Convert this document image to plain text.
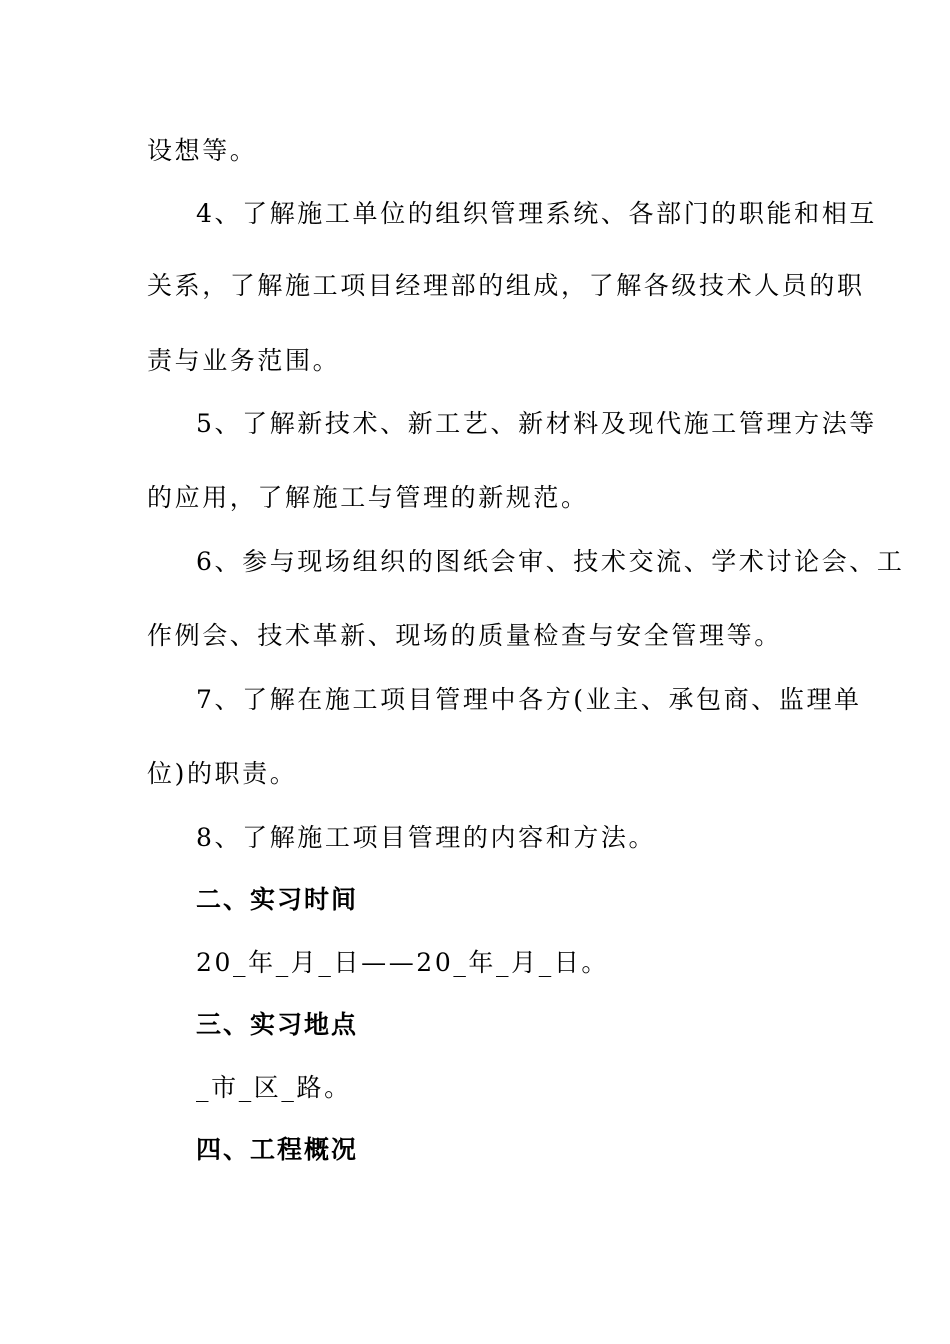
设想等。
4、了解施工单位的组织管理系统、各部门的职能和相互
关系，了解施工项目经理部的组成，了解各级技术人员的职
责与业务范围。
5、了解新技术、新工艺、新材料及现代施工管理方法等
的应用，了解施工与管理的新规范。
6、参与现场组织的图纸会审、技术交流、学术讨论会、工
作例会、技术革新、现场的质量检查与安全管理等。
7、了解在施工项目管理中各方(业主、承包商、监理单
位)的职责。
8、了解施工项目管理的内容和方法。
二、实习时间
20_年_月_日——20_年_月_日。
三、实习地点
_市_区_路。
四、工程概况
